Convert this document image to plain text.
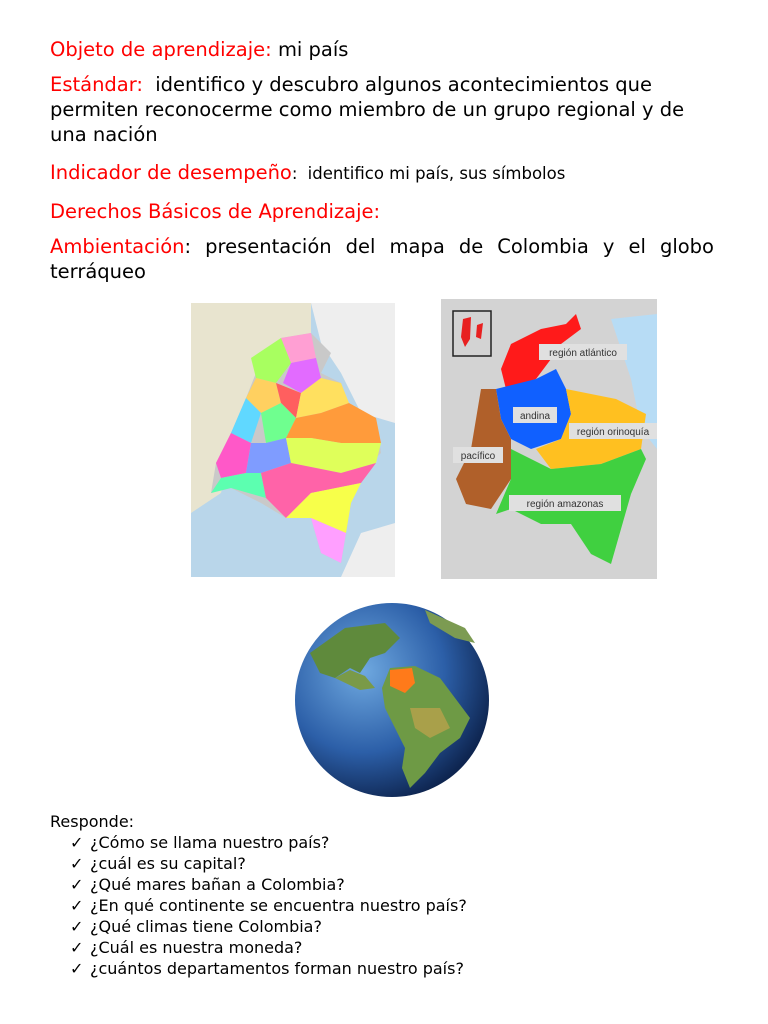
Objeto de aprendizaje: mi país
Estándar: identifico y descubro algunos acontecimientos que permiten reconocerme como miembro de un grupo regional y de una nación
Indicador de desempeño: identifico mi país, sus símbolos
Derechos Básicos de Aprendizaje:
Ambientación: presentación del mapa de Colombia y el globo terráqueo
región atlántico
andina
región orinoquía
pacífico
región amazonas
Responde:
✓ ¿Cómo se llama nuestro país?
✓ ¿cuál es su capital?
✓ ¿Qué mares bañan a Colombia?
✓ ¿En qué continente se encuentra nuestro país?
✓ ¿Qué climas tiene Colombia?
✓ ¿Cuál es nuestra moneda?
✓ ¿cuántos departamentos forman nuestro país?
